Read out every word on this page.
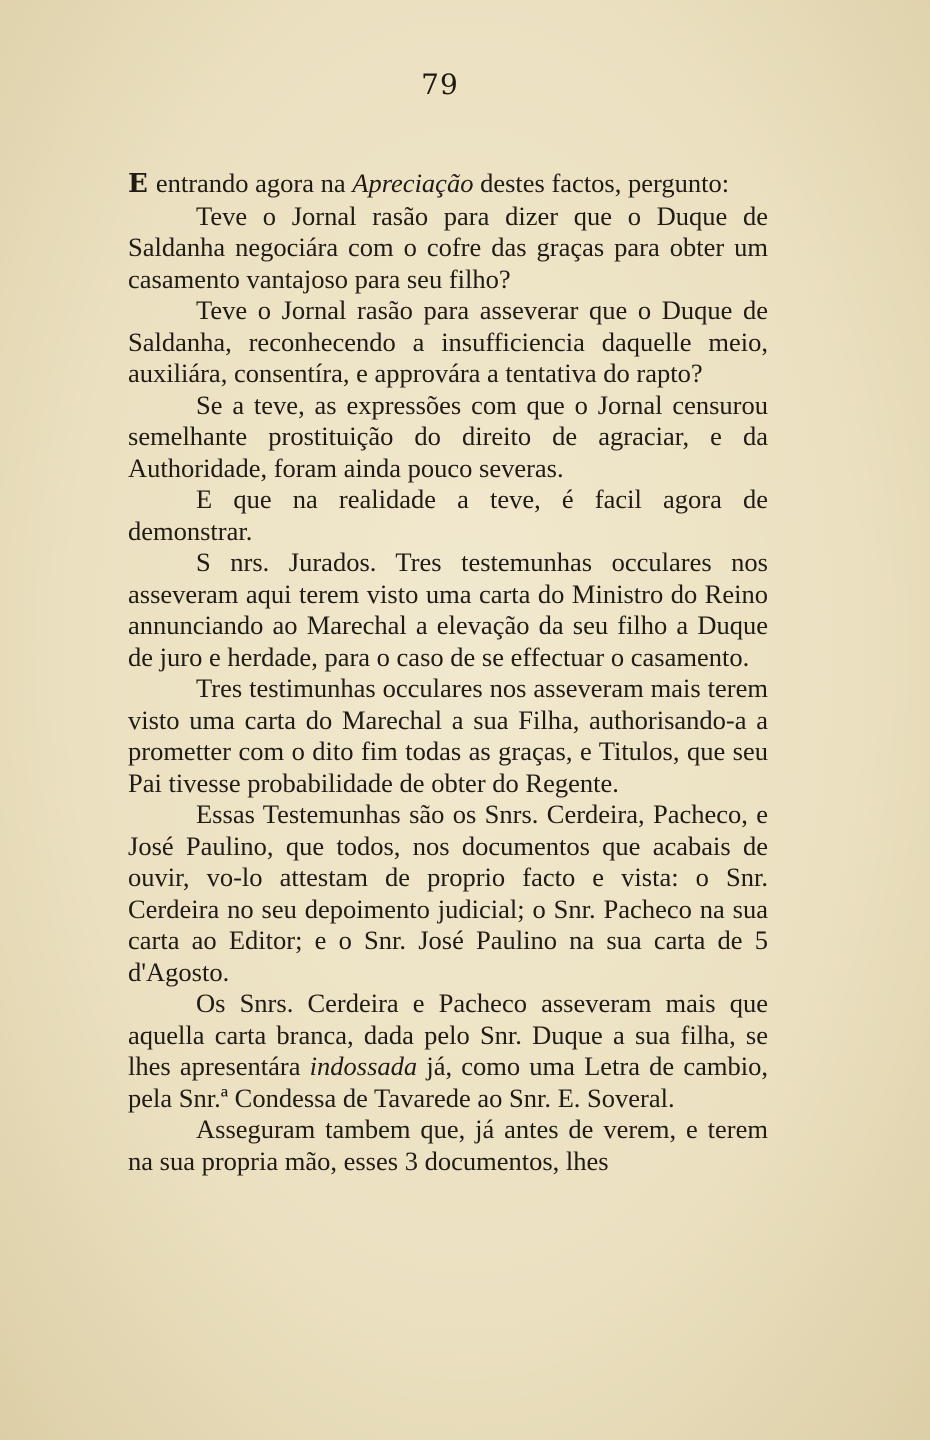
79

E entrando agora na Apreciação destes factos, pergunto:

Teve o Jornal rasão para dizer que o Duque de Saldanha negociára com o cofre das graças para obter um casamento vantajoso para seu filho?

Teve o Jornal rasão para asseverar que o Duque de Saldanha, reconhecendo a insufficiencia daquelle meio, auxiliára, consentíra, e approvára a tentativa do rapto?

Se a teve, as expressões com que o Jornal censurou semelhante prostituição do direito de agraciar, e da Authoridade, foram ainda pouco severas.

E que na realidade a teve, é facil agora de demonstrar.

S nrs. Jurados. Tres testemunhas occulares nos asseveram aqui terem visto uma carta do Ministro do Reino annunciando ao Marechal a elevação da seu filho a Duque de juro e herdade, para o caso de se effectuar o casamento.

Tres testimunhas occulares nos asseveram mais terem visto uma carta do Marechal a sua Filha, authorisando-a a prometter com o dito fim todas as graças, e Titulos, que seu Pai tivesse probabilidade de obter do Regente.

Essas Testemunhas são os Snrs. Cerdeira, Pacheco, e José Paulino, que todos, nos documentos que acabais de ouvir, vo-lo attestam de proprio facto e vista: o Snr. Cerdeira no seu depoimento judicial; o Snr. Pacheco na sua carta ao Editor; e o Snr. José Paulino na sua carta de 5 d'Agosto.

Os Snrs. Cerdeira e Pacheco asseveram mais que aquella carta branca, dada pelo Snr. Duque a sua filha, se lhes apresentára indossada já, como uma Letra de cambio, pela Snr.ª Condessa de Tavarede ao Snr. E. Soveral.

Asseguram tambem que, já antes de verem, e terem na sua propria mão, esses 3 documentos, lhes
